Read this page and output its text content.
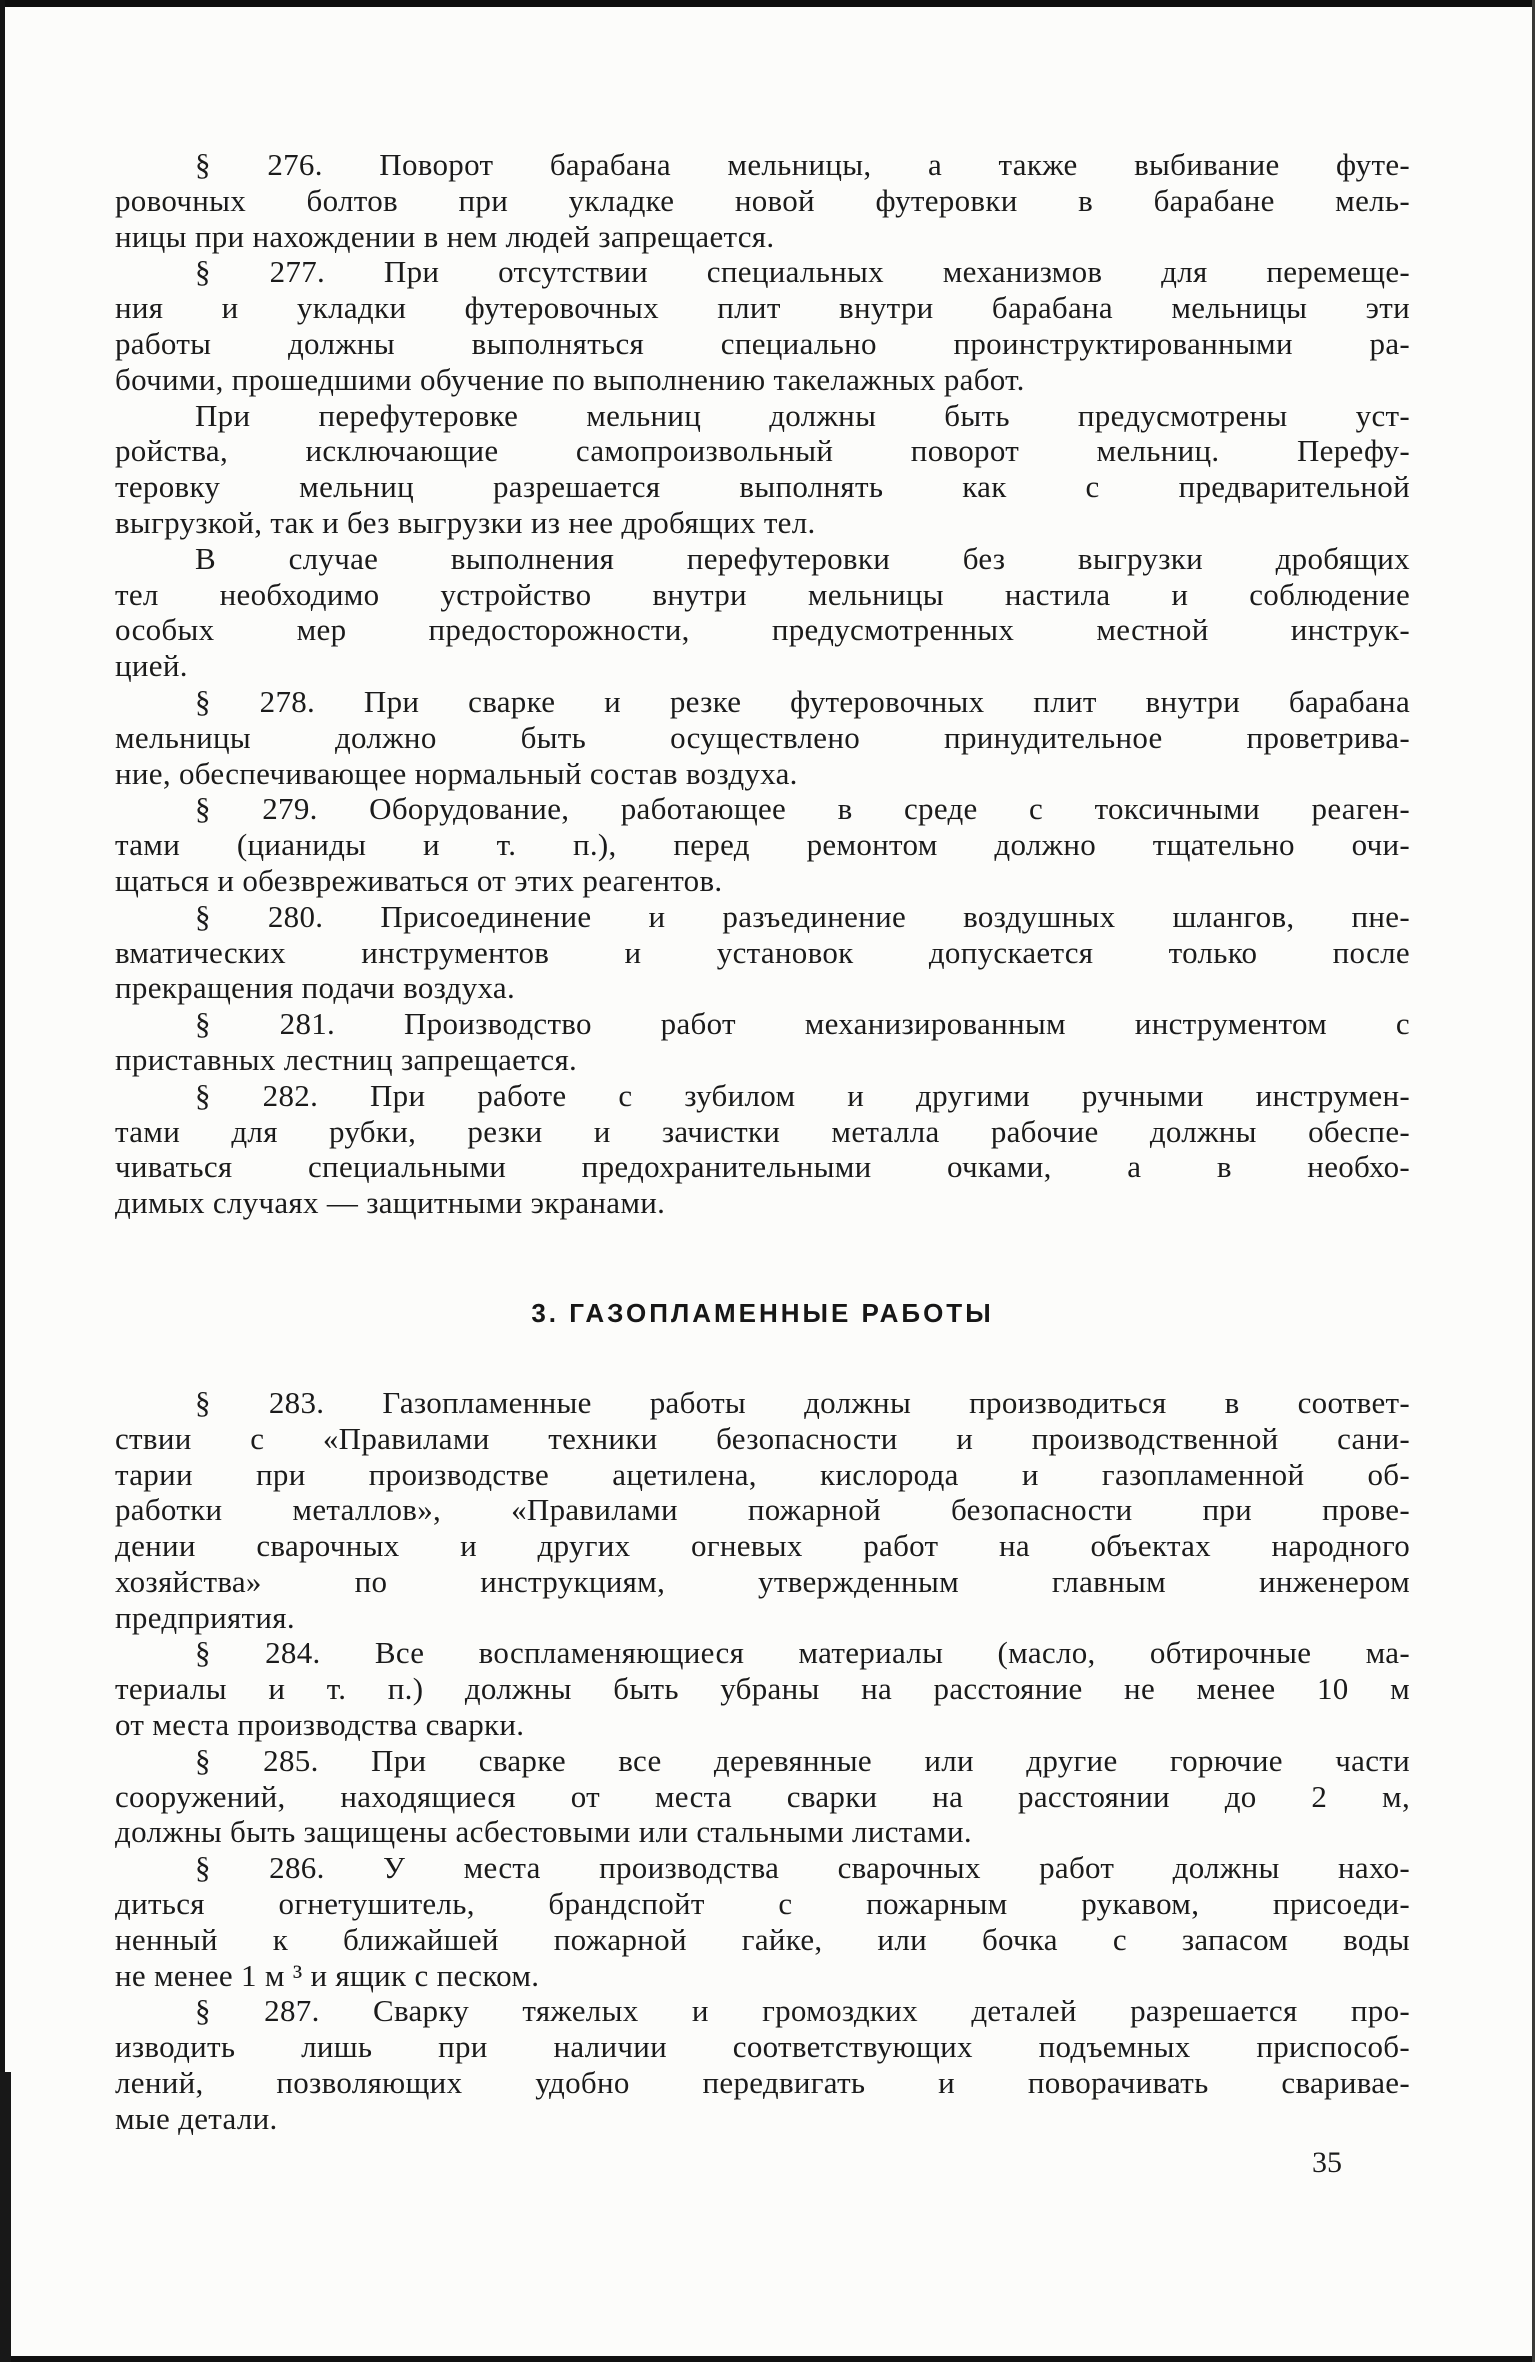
§ 276. Поворот барабана мельницы, а также выбивание футе-
ровочных болтов при укладке новой футеровки в барабане мель-
ницы при нахождении в нем людей запрещается.
§ 277. При отсутствии специальных механизмов для перемеще-
ния и укладки футеровочных плит внутри барабана мельницы эти
работы должны выполняться специально проинструктированными ра-
бочими, прошедшими обучение по выполнению такелажных работ.
При перефутеровке мельниц должны быть предусмотрены уст-
ройства, исключающие самопроизвольный поворот мельниц. Перефу-
теровку мельниц разрешается выполнять как с предварительной
выгрузкой, так и без выгрузки из нее дробящих тел.
В случае выполнения перефутеровки без выгрузки дробящих
тел необходимо устройство внутри мельницы настила и соблюдение
особых мер предосторожности, предусмотренных местной инструк-
цией.
§ 278. При сварке и резке футеровочных плит внутри барабана
мельницы должно быть осуществлено принудительное проветрива-
ние, обеспечивающее нормальный состав воздуха.
§ 279. Оборудование, работающее в среде с токсичными реаген-
тами (цианиды и т. п.), перед ремонтом должно тщательно очи-
щаться и обезвреживаться от этих реагентов.
§ 280. Присоединение и разъединение воздушных шлангов, пне-
вматических инструментов и установок допускается только после
прекращения подачи воздуха.
§ 281. Производство работ механизированным инструментом с
приставных лестниц запрещается.
§ 282. При работе с зубилом и другими ручными инструмен-
тами для рубки, резки и зачистки металла рабочие должны обеспе-
чиваться специальными предохранительными очками, а в необхо-
димых случаях — защитными экранами.
3. ГАЗОПЛАМЕННЫЕ РАБОТЫ
§ 283. Газопламенные работы должны производиться в соответ-
ствии с «Правилами техники безопасности и производственной сани-
тарии при производстве ацетилена, кислорода и газопламенной об-
работки металлов», «Правилами пожарной безопасности при прове-
дении сварочных и других огневых работ на объектах народного
хозяйства» по инструкциям, утвержденным главным инженером
предприятия.
§ 284. Все воспламеняющиеся материалы (масло, обтирочные ма-
териалы и т. п.) должны быть убраны на расстояние не менее 10 м
от места производства сварки.
§ 285. При сварке все деревянные или другие горючие части
сооружений, находящиеся от места сварки на расстоянии до 2 м,
должны быть защищены асбестовыми или стальными листами.
§ 286. У места производства сварочных работ должны нахо-
диться огнетушитель, брандспойт с пожарным рукавом, присоеди-
ненный к ближайшей пожарной гайке, или бочка с запасом воды
не менее 1 м ³ и ящик с песком.
§ 287. Сварку тяжелых и громоздких деталей разрешается про-
изводить лишь при наличии соответствующих подъемных приспособ-
лений, позволяющих удобно передвигать и поворачивать сваривае-
мые детали.
35
